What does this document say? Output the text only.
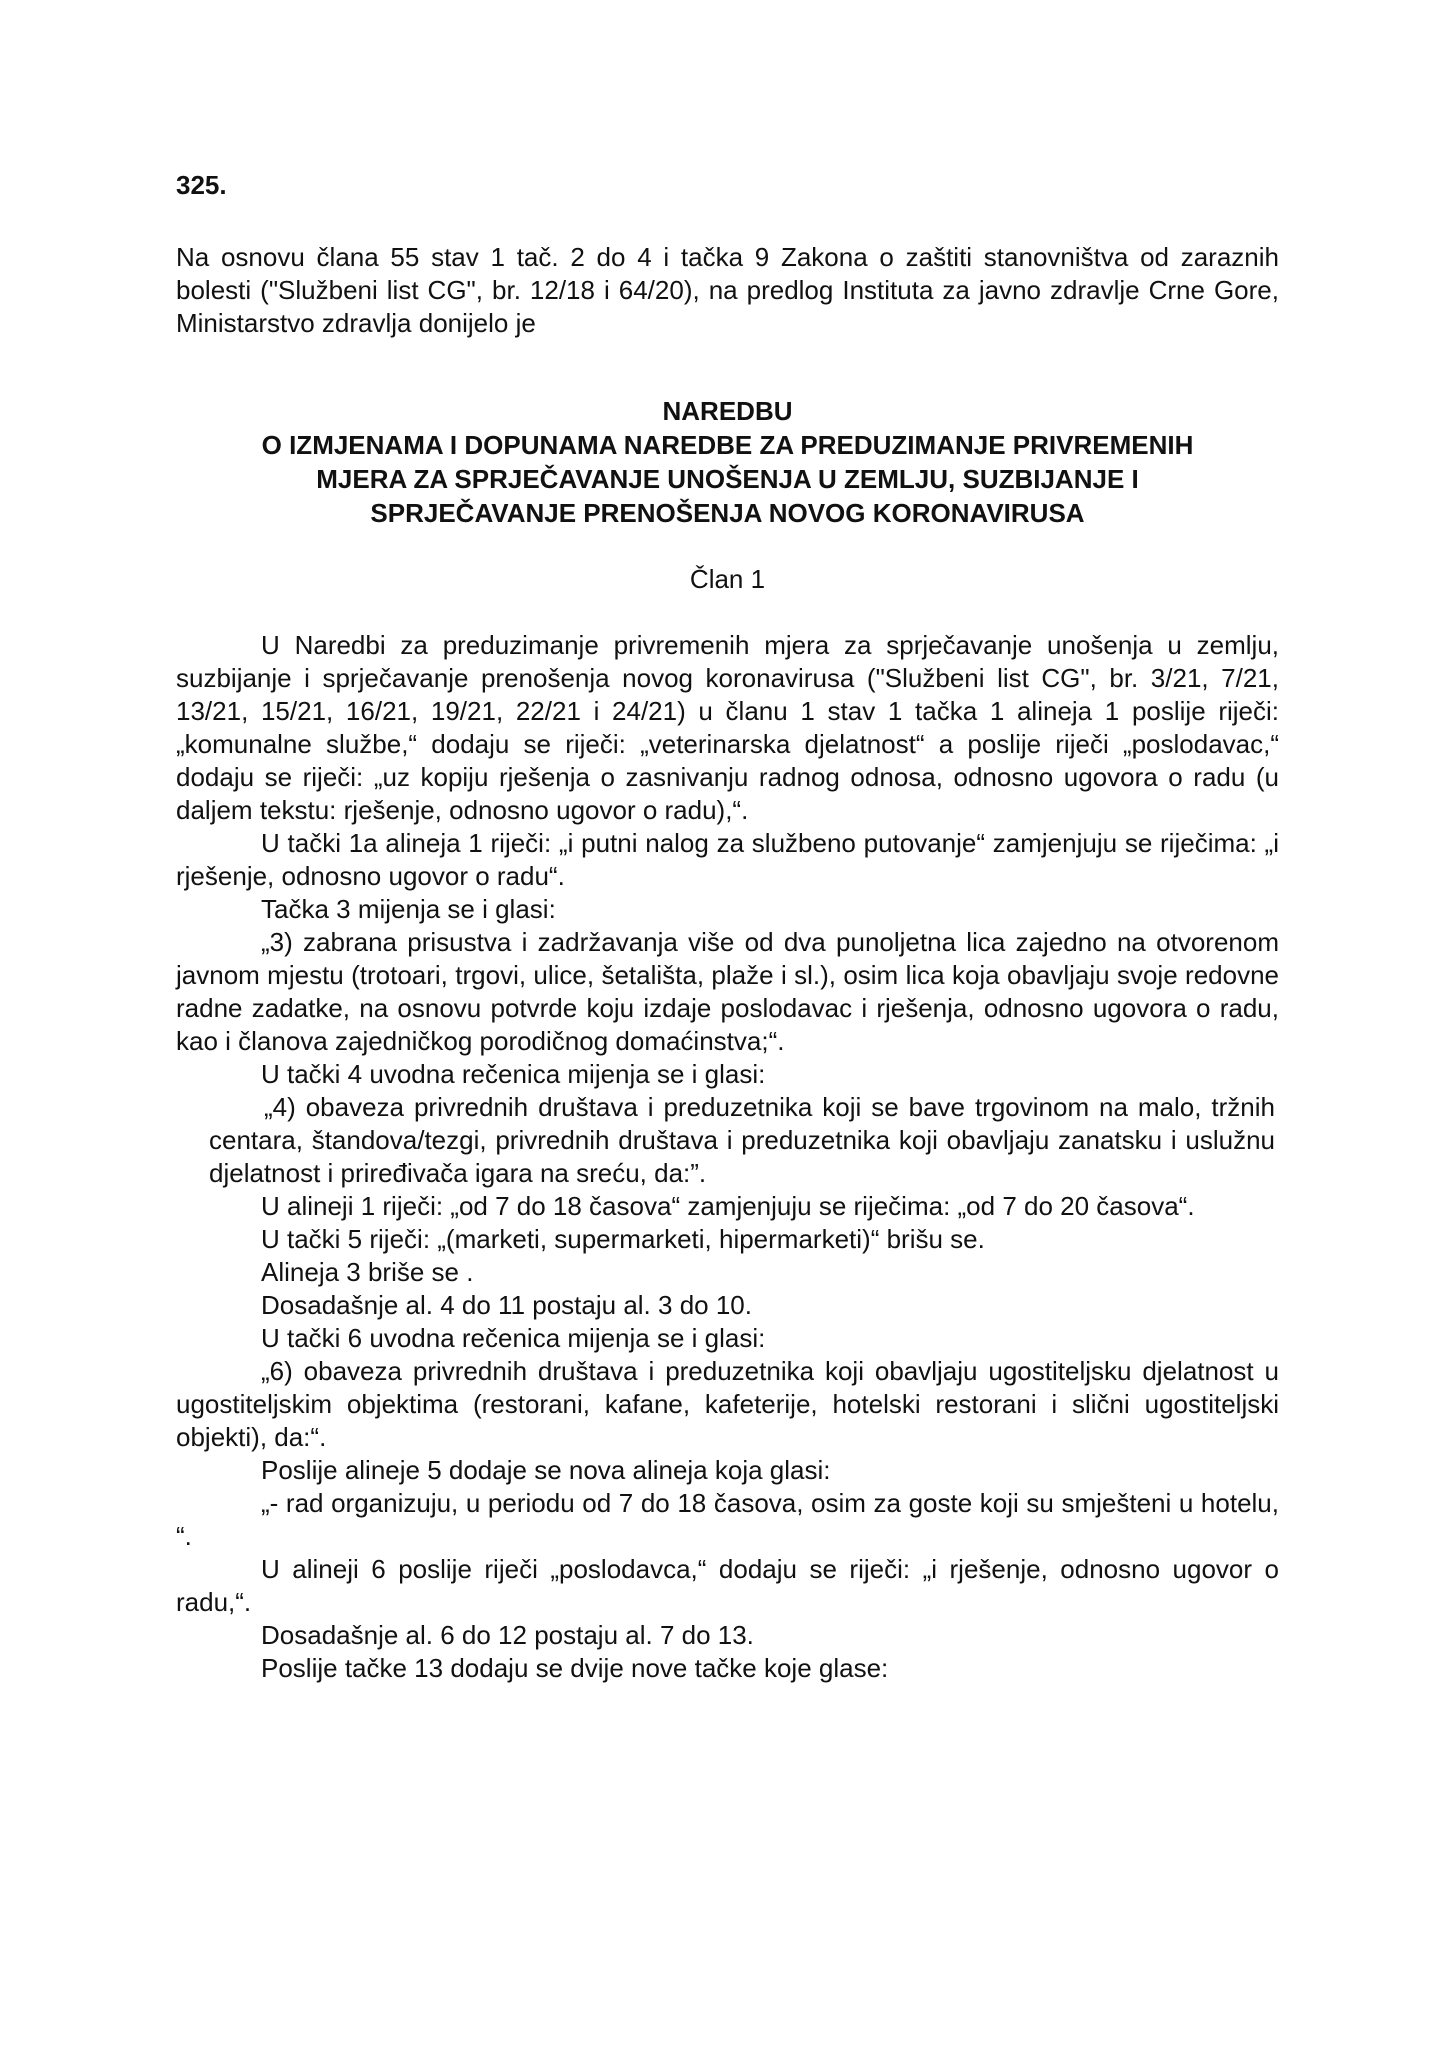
325.

Na osnovu člana 55 stav 1 tač. 2 do 4 i tačka 9 Zakona o zaštiti stanovništva od zaraznih bolesti ("Službeni list CG", br. 12/18 i 64/20), na predlog Instituta za javno zdravlje Crne Gore, Ministarstvo zdravlja donijelo je

NAREDBU

O IZMJENAMA I DOPUNAMA NAREDBE ZA PREDUZIMANJE PRIVREMENIH

MJERA ZA SPRJEČAVANJE UNOŠENJA U ZEMLJU, SUZBIJANJE I

SPRJEČAVANJE PRENOŠENJA NOVOG KORONAVIRUSA

Član 1

U Naredbi za preduzimanje privremenih mjera za sprječavanje unošenja u zemlju, suzbijanje i sprječavanje prenošenja novog koronavirusa ("Službeni list CG", br. 3/21, 7/21, 13/21, 15/21, 16/21, 19/21, 22/21 i 24/21) u članu 1 stav 1 tačka 1 alineja 1 poslije riječi: „komunalne službe,“ dodaju se riječi: „veterinarska djelatnost“ a poslije riječi „poslodavac,“ dodaju se riječi: „uz kopiju rješenja o zasnivanju radnog odnosa, odnosno ugovora o radu (u daljem tekstu: rješenje, odnosno ugovor o radu),“.

U tački 1a alineja 1 riječi: „i putni nalog za službeno putovanje“ zamjenjuju se riječima: „i rješenje, odnosno ugovor o radu“.

Tačka 3 mijenja se i glasi:

„3) zabrana prisustva i zadržavanja više od dva punoljetna lica zajedno na otvorenom javnom mjestu (trotoari, trgovi, ulice, šetališta, plaže i sl.), osim lica koja obavljaju svoje redovne radne zadatke, na osnovu potvrde koju izdaje poslodavac i rješenja, odnosno ugovora o radu, kao i članova zajedničkog porodičnog domaćinstva;“.

U tački 4 uvodna rečenica mijenja se i glasi:

„4) obaveza privrednih društava i preduzetnika koji se bave trgovinom na malo, tržnih centara, štandova/tezgi, privrednih društava i preduzetnika koji obavljaju zanatsku i uslužnu djelatnost i priređivača igara na sreću, da:”.

U alineji 1 riječi: „od 7 do 18 časova“ zamjenjuju se riječima: „od 7 do 20 časova“.

U tački 5 riječi: „(marketi, supermarketi, hipermarketi)“ brišu se.

Alineja 3 briše se .

Dosadašnje al. 4 do 11 postaju al. 3 do 10.

U tački 6 uvodna rečenica mijenja se i glasi:

„6) obaveza privrednih društava i preduzetnika koji obavljaju ugostiteljsku djelatnost u ugostiteljskim objektima (restorani, kafane, kafeterije, hotelski restorani i slični ugostiteljski objekti), da:“.

Poslije alineje 5 dodaje se nova alineja koja glasi:

„- rad organizuju, u periodu od 7 do 18 časova, osim za goste koji su smješteni u hotelu, “.

U alineji 6 poslije riječi „poslodavca,“ dodaju se riječi: „i rješenje, odnosno ugovor o radu,“.

Dosadašnje al. 6 do 12 postaju al. 7 do 13.

Poslije tačke 13 dodaju se dvije nove tačke koje glase:
